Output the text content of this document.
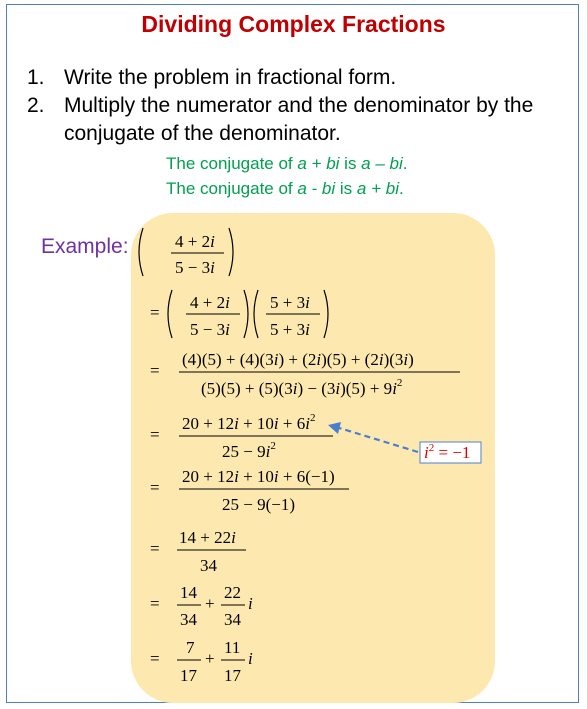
Dividing Complex Fractions
1. Write the problem in fractional form.
2. Multiply the numerator and the denominator by the
conjugate of the denominator.
The conjugate of a + bi is a – bi.
The conjugate of a - bi is a + bi.
Example:	4 + 2i
5 − 3i
=
4 + 2i
5 − 3i
5 + 3i
5 + 3i
=
(4)(5) + (4)(3i) + (2i)(5) + (2i)(3i)
$(5)(5) + (5)(3i) - (3i)(5) + 9i^2$
=
$20 + 12i + 10i + 6i^2$
$25 - 9i^2$	$i^2 = -1$
=
20 + 12i + 10i + 6(−1)
25 − 9(−1)
=
14 + 22i
34
=
14
34
+
22
34
i
=
7
17
+
11
17
i
